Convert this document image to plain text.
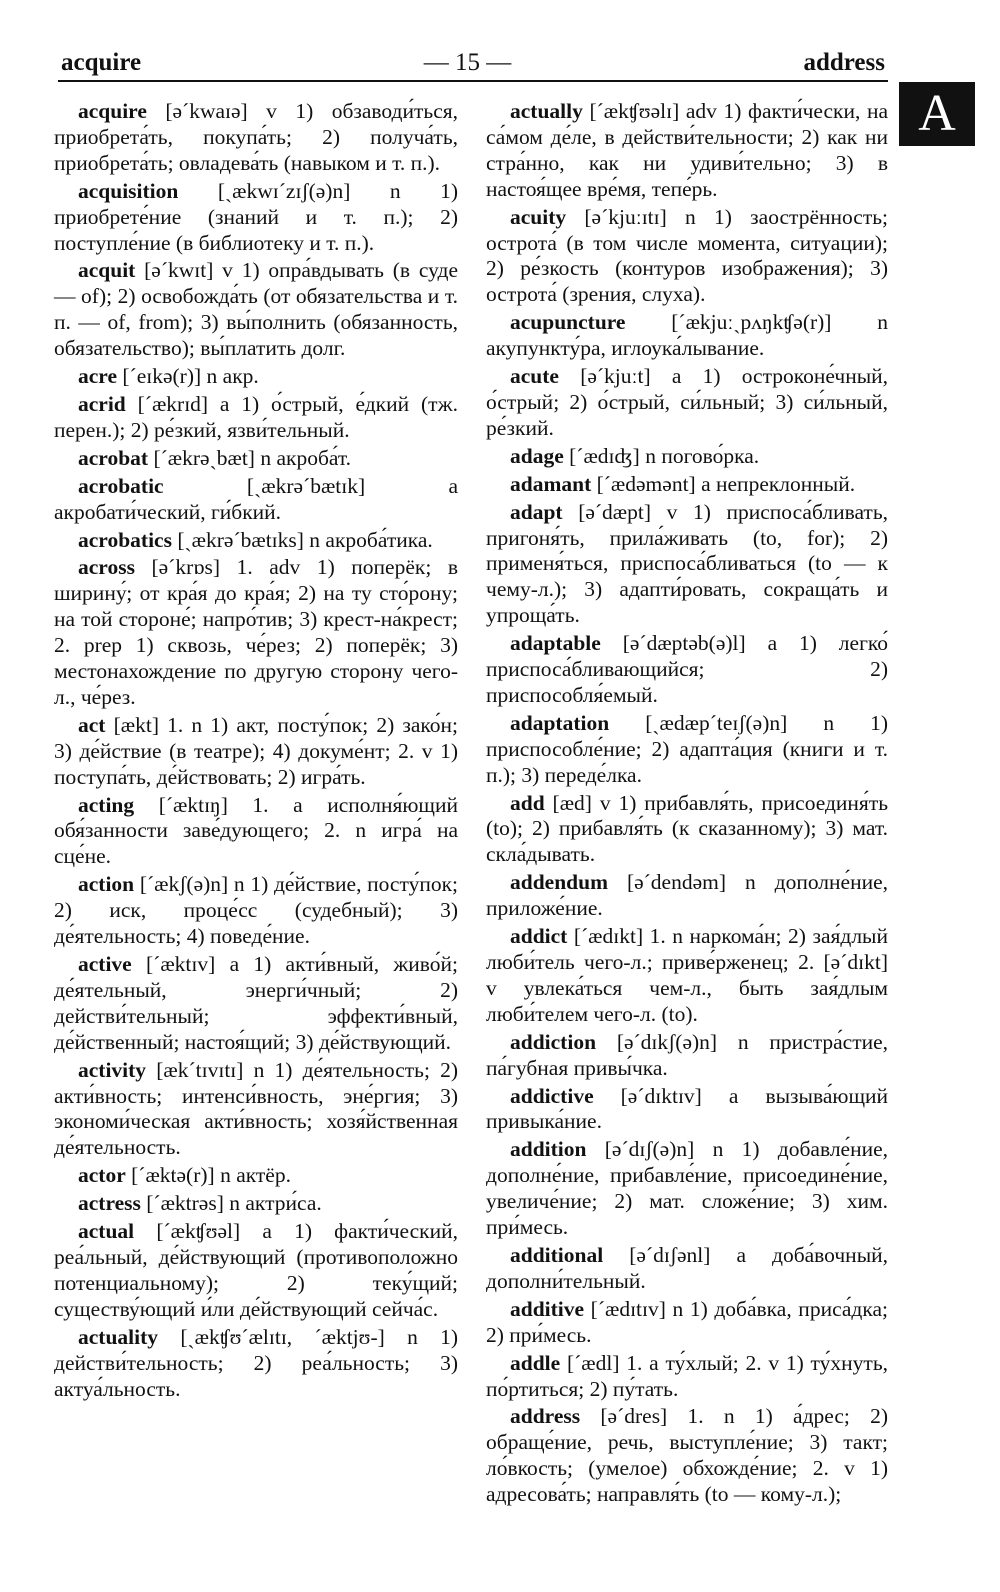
acquire	— 15 —	address
A

acquire [ə´kwaɪə] v 1) обзаводи́ться, приобрета́ть, покупа́ть; 2) получа́ть, приобрета́ть; овладева́ть (навыком и т. п.).

acquisition [ˏækwɪ´zɪʃ(ə)n] n 1) приобрете́ние (знаний и т. п.); 2) поступле́ние (в библиотеку и т. п.).

acquit [ə´kwɪt] v 1) опра́вдывать (в суде — of); 2) освобожда́ть (от обязательства и т. п. — of, from); 3) вы́полнить (обязанность, обязательство); вы́платить долг.

acre [´eɪkə(r)] n акр.

acrid [´ækrɪd] a 1) о́стрый, е́дкий (тж. перен.); 2) ре́зкий, язви́тельный.

acrobat [´ækrəˏbæt] n акроба́т.

acrobatic	[ˏækrə´bætɪk]	a акробати́ческий, ги́бкий.

acrobatics [ˏækrə´bætɪks] n акроба́тика.

across [ə´krɒs] 1. adv 1) поперёк; в ширину́; от кра́я до кра́я; 2) на ту сто́рону; на той стороне́; напро́тив; 3) крест-на́крест; 2. prep 1) сквозь, че́рез; 2) поперёк; 3) местонахождение по другую сторону чего-л., че́рез.

act [ækt] 1. n 1) акт, посту́пок; 2) зако́н; 3) де́йствие (в театре); 4) докуме́нт; 2. v 1) поступа́ть, де́йствовать; 2) игра́ть.

acting [´æktɪŋ] 1. a исполня́ющий обя́занности заве́дующего; 2. n игра́ на сце́не.

action [´ækʃ(ə)n] n 1) де́йствие, посту́пок; 2) иск, проце́сс (судебный); 3) де́ятельность; 4) поведе́ние.

active [´æktɪv] a 1) акти́вный, живо́й; де́ятельный, энерги́чный; 2) действи́тельный; эффекти́вный, де́йственный; настоя́щий; 3) де́йствующий.

activity [æk´tɪvɪtɪ] n 1) де́ятельность; 2) акти́вность; интенси́вность, эне́ргия; 3) экономи́ческая акти́вность; хозя́йственная де́ятельность.

actor [´æktə(r)] n актёр.

actress [´æktrəs] n актри́са.

actual [´ækʧʊəl] a 1) факти́ческий, реа́льный, де́йствующий (противоположно потенциальному); 2) теку́щий; существу́ющий и́ли де́йствующий сейча́с.

actuality [ˏækʧʊ´ælɪtɪ, ´æktjʊ-] n 1) действи́тельность; 2) реа́льность; 3) актуа́льность.

actually [´ækʧʊəlɪ] adv 1) факти́чески, на са́мом де́ле, в действи́тельности; 2) как ни стра́нно, как ни удиви́тельно; 3) в настоя́щее вре́мя, тепе́рь.

acuity [ə´kjuːɪtɪ] n 1) заострённость; острота́ (в том числе момента, ситуации); 2) ре́зкость (контуров изображения); 3) острота́ (зрения, слуха).

acupuncture [´ækjuːˏpʌŋkʧə(r)] n акупункту́ра, иглоука́лывание.

acute [ə´kjuːt] a 1) остроконе́чный, о́стрый; 2) о́стрый, си́льный; 3) си́льный, ре́зкий.

adage [´ædɪʤ] n погово́рка.

adamant [´ædəmənt] a непреклонный.

adapt [ə´dæpt] v 1) приспоса́бливать, пригоня́ть, прила́живать (to, for); 2) применя́ться, приспоса́бливаться (to — к чему-л.); 3) адапти́ровать, сокраща́ть и упроща́ть.

adaptable [ə´dæptəb(ə)l] a 1) легко́ приспоса́бливающийся; 2) приспособля́емый.

adaptation [ˏædæp´teɪʃ(ə)n] n 1) приспособле́ние; 2) адапта́ция (книги и т. п.); 3) переде́лка.

add [æd] v 1) прибавля́ть, присоединя́ть (to); 2) прибавля́ть (к сказанному); 3) мат. скла́дывать.

addendum [ə´dendəm] n дополне́ние, приложе́ние.

addict [´ædɪkt] 1. n наркома́н; 2) зая́длый люби́тель чего-л.; приве́рженец; 2. [ə´dɪkt] v увлека́ться чем-л., быть зая́длым люби́телем чего-л. (to).

addiction [ə´dɪkʃ(ə)n] n пристра́стие, па́губная привы́чка.

addictive [ə´dɪktɪv] a вызыва́ющий привыка́ние.

addition [ə´dɪʃ(ə)n] n 1) добавле́ние, дополне́ние, прибавле́ние, присоедине́ние, увеличе́ние; 2) мат. сложе́ние; 3) хим. при́месь.

additional [ə´dɪʃənl] a доба́вочный, дополни́тельный.

additive [´ædɪtɪv] n 1) доба́вка, приса́дка; 2) при́месь.

addle [´ædl] 1. a ту́хлый; 2. v 1) ту́хнуть, по́ртиться; 2) пу́тать.

address [ə´dres] 1. n 1) а́дрес; 2) обраще́ние, речь, выступле́ние; 3) такт; ло́вкость; (умелое) обхожде́ние; 2. v 1) адресова́ть; направля́ть (to — кому-л.);
